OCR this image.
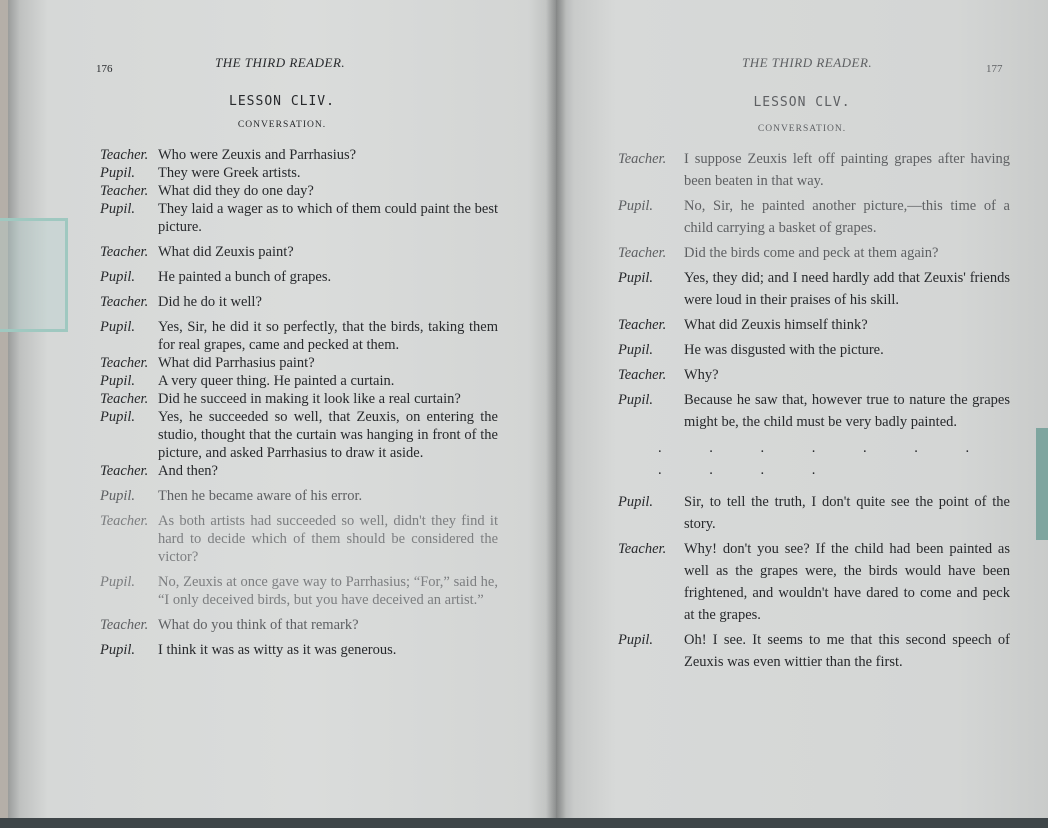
176	THE THIRD READER.
LESSON CLIV.
CONVERSATION.
Teacher. Who were Zeuxis and Parrhasius?
Pupil.	They were Greek artists.
Teacher. What did they do one day?
Pupil.	They laid a wager as to which of them could paint the best picture.
Teacher. What did Zeuxis paint?
Pupil.	He painted a bunch of grapes.
Teacher. Did he do it well?
Pupil.	Yes, Sir, he did it so perfectly, that the birds, taking them for real grapes, came and pecked at them.
Teacher. What did Parrhasius paint?
Pupil.	A very queer thing. He painted a curtain.
Teacher. Did he succeed in making it look like a real curtain?
Pupil.	Yes, he succeeded so well, that Zeuxis, on entering the studio, thought that the curtain was hanging in front of the picture, and asked Parrhasius to draw it aside.
Teacher. And then?
Pupil.	Then he became aware of his error.
Teacher. As both artists had succeeded so well, didn't they find it hard to decide which of them should be considered the victor?
Pupil.	No, Zeuxis at once gave way to Parrhasius; “For,” said he, “I only deceived birds, but you have deceived an artist.”
Teacher. What do you think of that remark?
Pupil.	I think it was as witty as it was generous.
THE THIRD READER.	177
LESSON CLV.
CONVERSATION.
Teacher.	I suppose Zeuxis left off painting grapes after having been beaten in that way.
Pupil.	No, Sir, he painted another picture,—this time of a child carrying a basket of grapes.
Teacher.	Did the birds come and peck at them again?
Pupil.	Yes, they did; and I need hardly add that Zeuxis' friends were loud in their praises of his skill.
Teacher.	What did Zeuxis himself think?
Pupil.	He was disgusted with the picture.
Teacher.	Why?
Pupil.	Because he saw that, however true to nature the grapes might be, the child must be very badly painted.
. . . . . . . . . . .
Pupil.	Sir, to tell the truth, I don't quite see the point of the story.
Teacher.	Why! don't you see? If the child had been painted as well as the grapes were, the birds would have been frightened, and wouldn't have dared to come and peck at the grapes.
Pupil.	Oh! I see. It seems to me that this second speech of Zeuxis was even wittier than the first.
